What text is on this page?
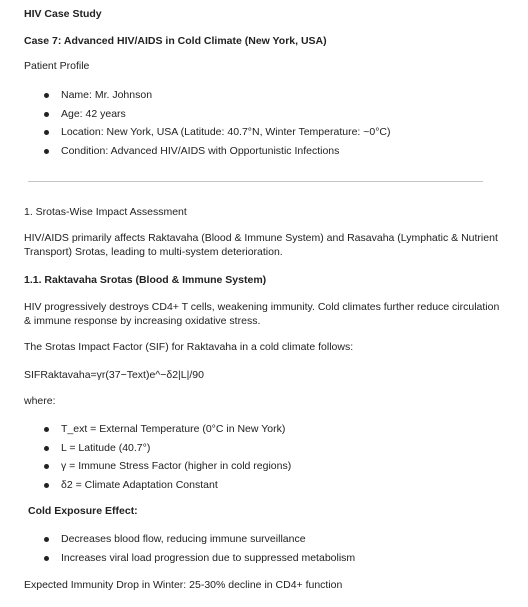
HIV Case Study
Case 7: Advanced HIV/AIDS in Cold Climate (New York, USA)
Patient Profile
Name: Mr. Johnson
Age: 42 years
Location: New York, USA (Latitude: 40.7°N, Winter Temperature: ~0°C)
Condition: Advanced HIV/AIDS with Opportunistic Infections
1. Srotas-Wise Impact Assessment
HIV/AIDS primarily affects Raktavaha (Blood & Immune System) and Rasavaha (Lymphatic & Nutrient Transport) Srotas, leading to multi-system deterioration.
1.1. Raktavaha Srotas (Blood & Immune System)
HIV progressively destroys CD4+ T cells, weakening immunity. Cold climates further reduce circulation & immune response by increasing oxidative stress.
The Srotas Impact Factor (SIF) for Raktavaha in a cold climate follows:
SIFRaktavaha=γr(37−Text)e^−δ2|L|/90
where:
T_ext = External Temperature (0°C in New York)
L = Latitude (40.7°)
γ = Immune Stress Factor (higher in cold regions)
δ2 = Climate Adaptation Constant
Cold Exposure Effect:
Decreases blood flow, reducing immune surveillance
Increases viral load progression due to suppressed metabolism
Expected Immunity Drop in Winter: 25-30% decline in CD4+ function
